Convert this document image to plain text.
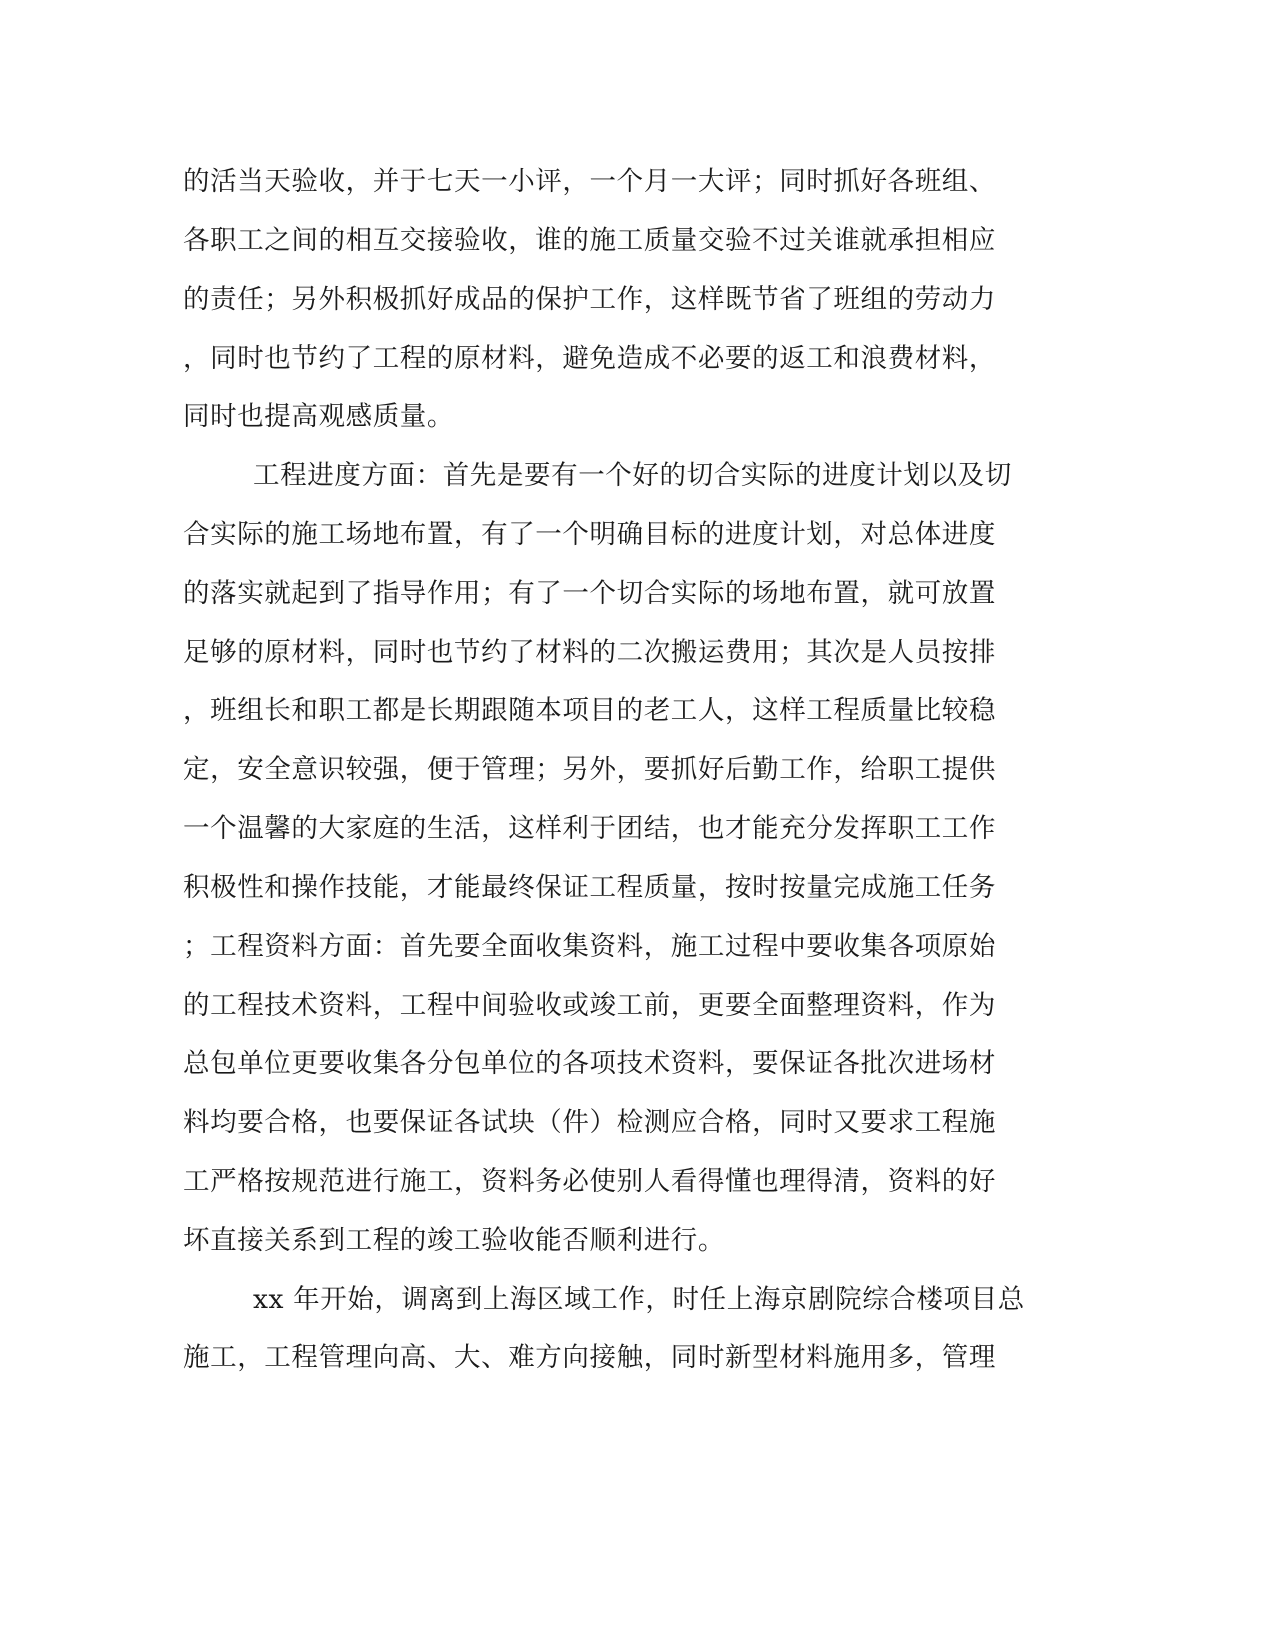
的活当天验收，并于七天一小评，一个月一大评；同时抓好各班组、
各职工之间的相互交接验收，谁的施工质量交验不过关谁就承担相应
的责任；另外积极抓好成品的保护工作，这样既节省了班组的劳动力
，同时也节约了工程的原材料，避免造成不必要的返工和浪费材料，
同时也提高观感质量。
工程进度方面：首先是要有一个好的切合实际的进度计划以及切
合实际的施工场地布置，有了一个明确目标的进度计划，对总体进度
的落实就起到了指导作用；有了一个切合实际的场地布置，就可放置
足够的原材料，同时也节约了材料的二次搬运费用；其次是人员按排
，班组长和职工都是长期跟随本项目的老工人，这样工程质量比较稳
定，安全意识较强，便于管理；另外，要抓好后勤工作，给职工提供
一个温馨的大家庭的生活，这样利于团结，也才能充分发挥职工工作
积极性和操作技能，才能最终保证工程质量，按时按量完成施工任务
；工程资料方面：首先要全面收集资料，施工过程中要收集各项原始
的工程技术资料，工程中间验收或竣工前，更要全面整理资料，作为
总包单位更要收集各分包单位的各项技术资料，要保证各批次进场材
料均要合格，也要保证各试块（件）检测应合格，同时又要求工程施
工严格按规范进行施工，资料务必使别人看得懂也理得清，资料的好
坏直接关系到工程的竣工验收能否顺利进行。
xx 年开始，调离到上海区域工作，时任上海京剧院综合楼项目总
施工，工程管理向高、大、难方向接触，同时新型材料施用多，管理
